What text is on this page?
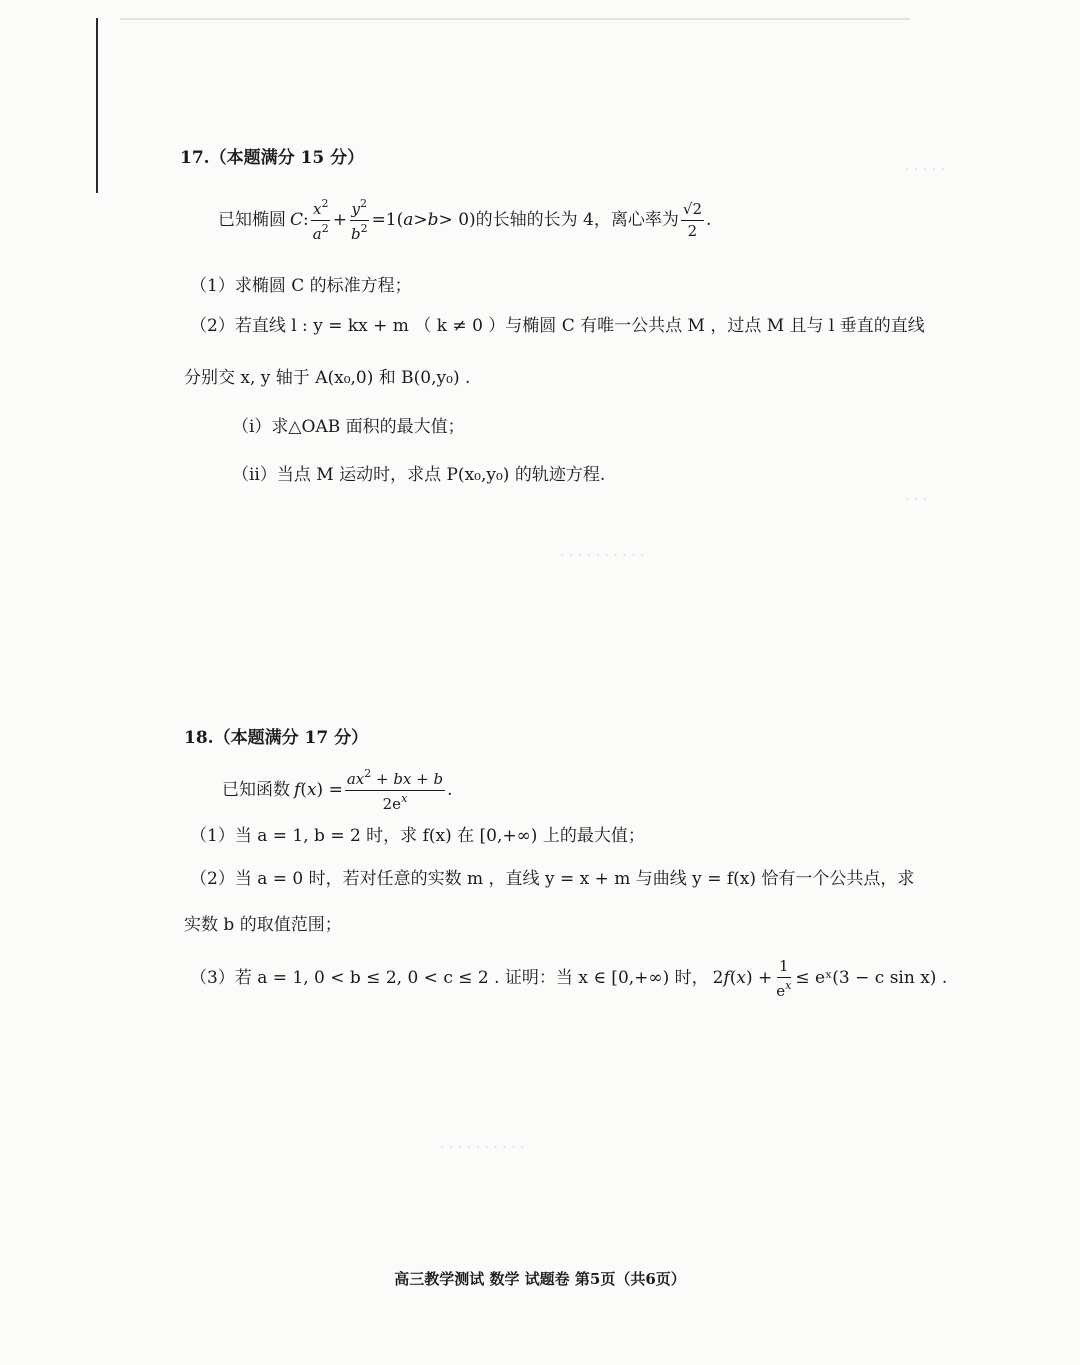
· · · · ·
· · ·
· · · · · · · · · ·
· · · · · · · · · ·
17.（本题满分 15 分）
已知椭圆 C : $\frac{x^2}{a^2} + \frac{y^2}{b^2} =1$( a > b > 0) 的长轴的长为 4，离心率为 $\frac{√2}{2}$ .
（1）求椭圆 C 的标准方程；
（2）若直线 l : y = kx + m （ k ≠ 0 ）与椭圆 C 有唯一公共点 M ，过点 M 且与 l 垂直的直线
分别交 x, y 轴于 A(x₀,0) 和 B(0,y₀) .
（i）求△OAB 面积的最大值；
（ii）当点 M 运动时，求点 P(x₀,y₀) 的轨迹方程.
18.（本题满分 17 分）
已知函数 f ( x ) = $\frac{ax^2 + bx + b}{2e^x}$ .
（1）当 a = 1, b = 2 时，求 f(x) 在 [0,+∞) 上的最大值；
（2）当 a = 0 时，若对任意的实数 m ，直线 y = x + m 与曲线 y = f(x) 恰有一个公共点，求
实数 b 的取值范围；
（3）若 a = 1, 0 < b ≤ 2, 0 < c ≤ 2 . 证明：当 x ∈ [0,+∞) 时， 2 f ( x ) + $\frac{1}{e^x}$ ≤ eˣ(3 − c sin x) .
高三教学测试 数学 试题卷 第5页（共6页）
